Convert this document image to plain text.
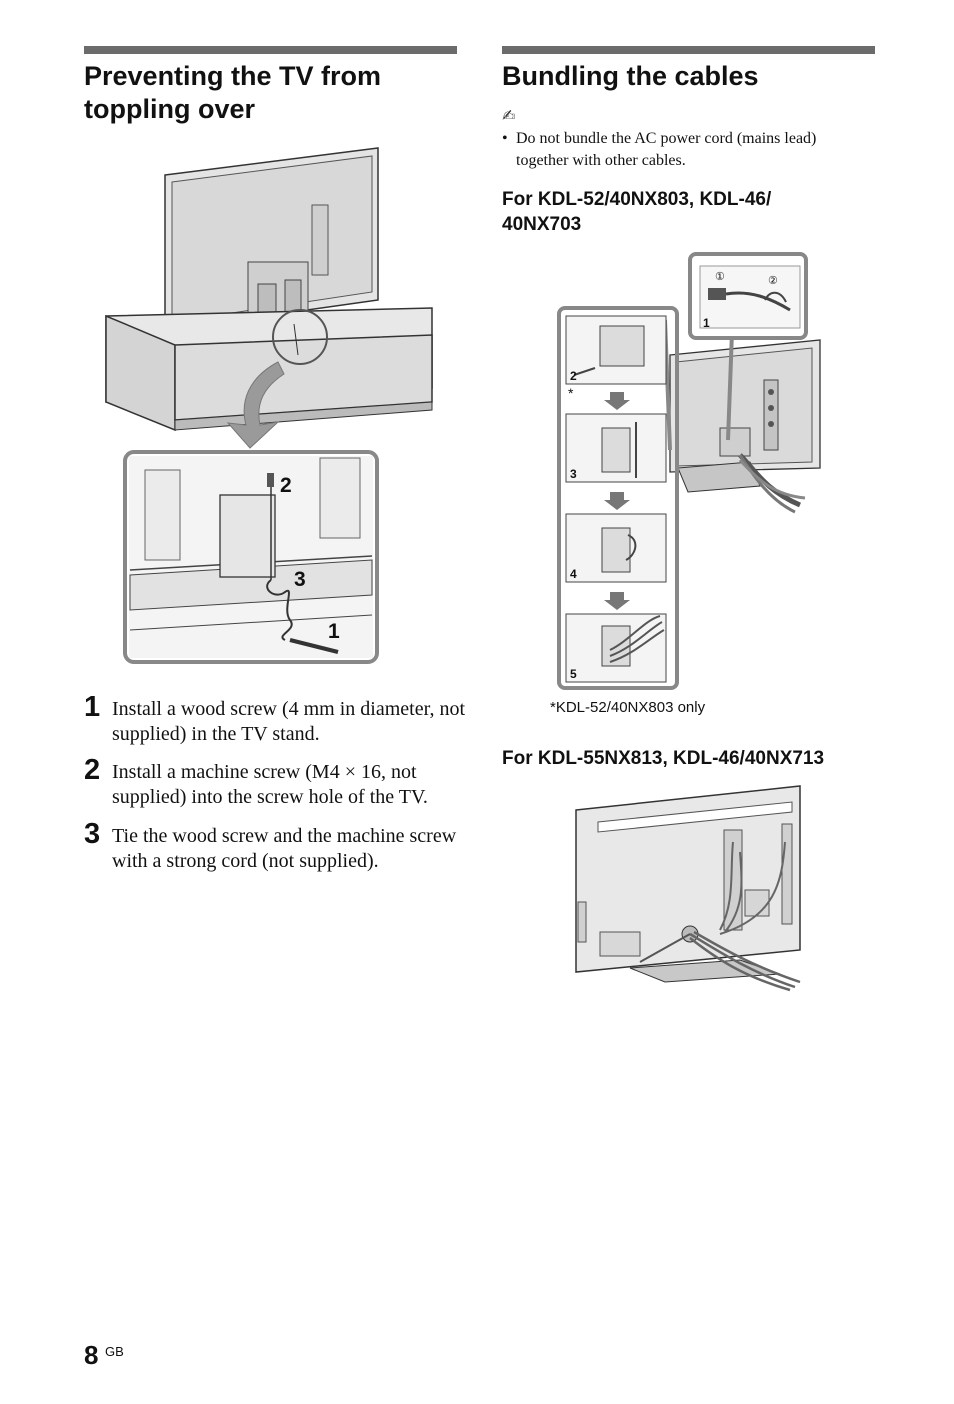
Preventing the TV from
toppling over
2
3
1
1 Install a wood screw (4 mm in diameter, not supplied) in the TV stand.
2 Install a machine screw (M4 × 16, not supplied) into the screw hole of the TV.
3 Tie the wood screw and the machine screw with a strong cord (not supplied).
Bundling the cables
✍
• Do not bundle the AC power cord (mains lead) together with other cables.
For KDL-52/40NX803, KDL-46/
40NX703
①	②
1
2
*
3
4
5
*KDL-52/40NX803 only
For KDL-55NX813, KDL-46/40NX713
8 GB
